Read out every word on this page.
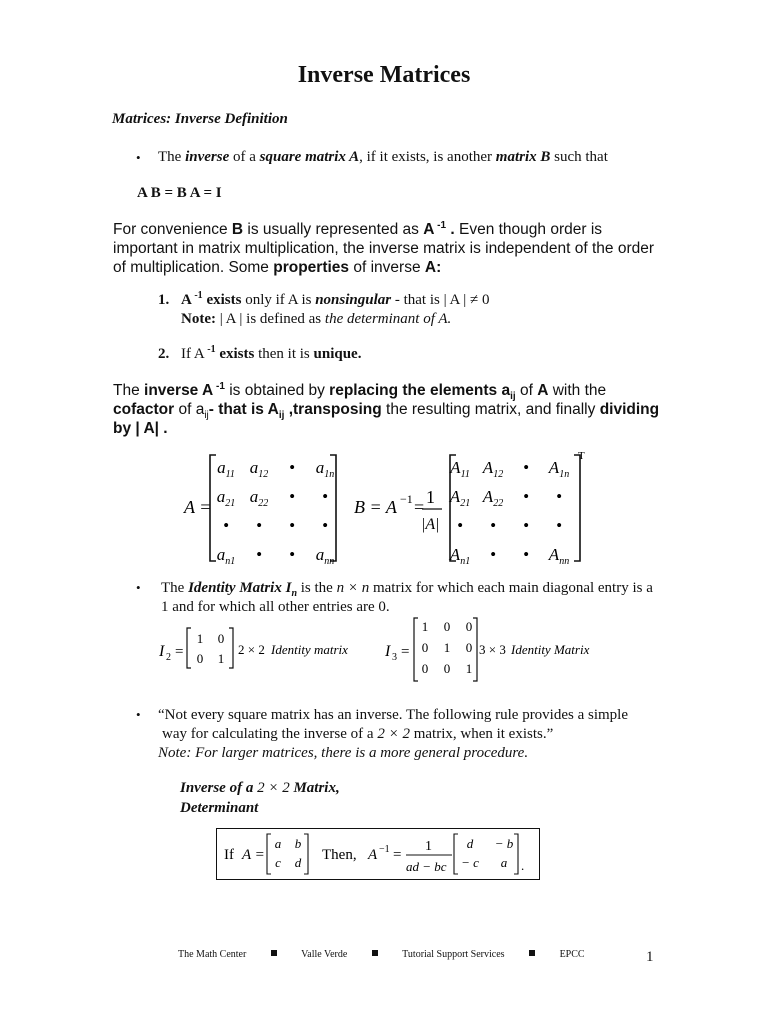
Inverse Matrices
Matrices: Inverse Definition
• The inverse of a square matrix A, if it exists, is another matrix B such that
A B = B A = I
For convenience B is usually represented as A $^{-1}$ . Even though order is
important in matrix multiplication, the inverse matrix is independent of the order
of multiplication. Some properties of inverse A:
1. A $^{-1}$ exists only if A is nonsingular - that is | A | ≠ 0
Note: | A | is defined as the determinant of A.
2. If A $^{-1}$ exists then it is unique.
The inverse A $^{-1}$ is obtained by replacing the elements $a_{ij}$ of A with the
cofactor of $a_{ij}-$ that is $A_{ij}$ ,transposing the resulting matrix, and finally dividing
by | A| .
A =
$a_{11}$ $a_{12}$ • $a_{1n}$
$a_{21}$ $a_{22}$ • •
• • • •
$a_{n1}$ • • $a_{nn}$
B = A −1 = 1
|A|
T
$A_{11}$ $A_{12}$ • $A_{1n}$
$A_{21}$ $A_{22}$ • •
• • • •
$A_{n1}$ • • $A_{nn}$
• The Identity Matrix $I_n$ is the n × n matrix for which each main diagonal entry is a
1 and for which all other entries are 0.
I 2 =
1 0
0 1
2 × 2 Identity matrix I 3 =
1 0 0
0 1 0
0 0 1
3 × 3 Identity Matrix
• “Not every square matrix has an inverse. The following rule provides a simple
way for calculating the inverse of a 2 × 2 matrix, when it exists.”
Note: For larger matrices, there is a more general procedure.
Inverse of a 2 × 2 Matrix,
Determinant
If A =
a b
c d Then, A −1 =
1
ad − bc
d − b
− c a .
The Math Center	Valle Verde	Tutorial Support Services	EPCC	1
